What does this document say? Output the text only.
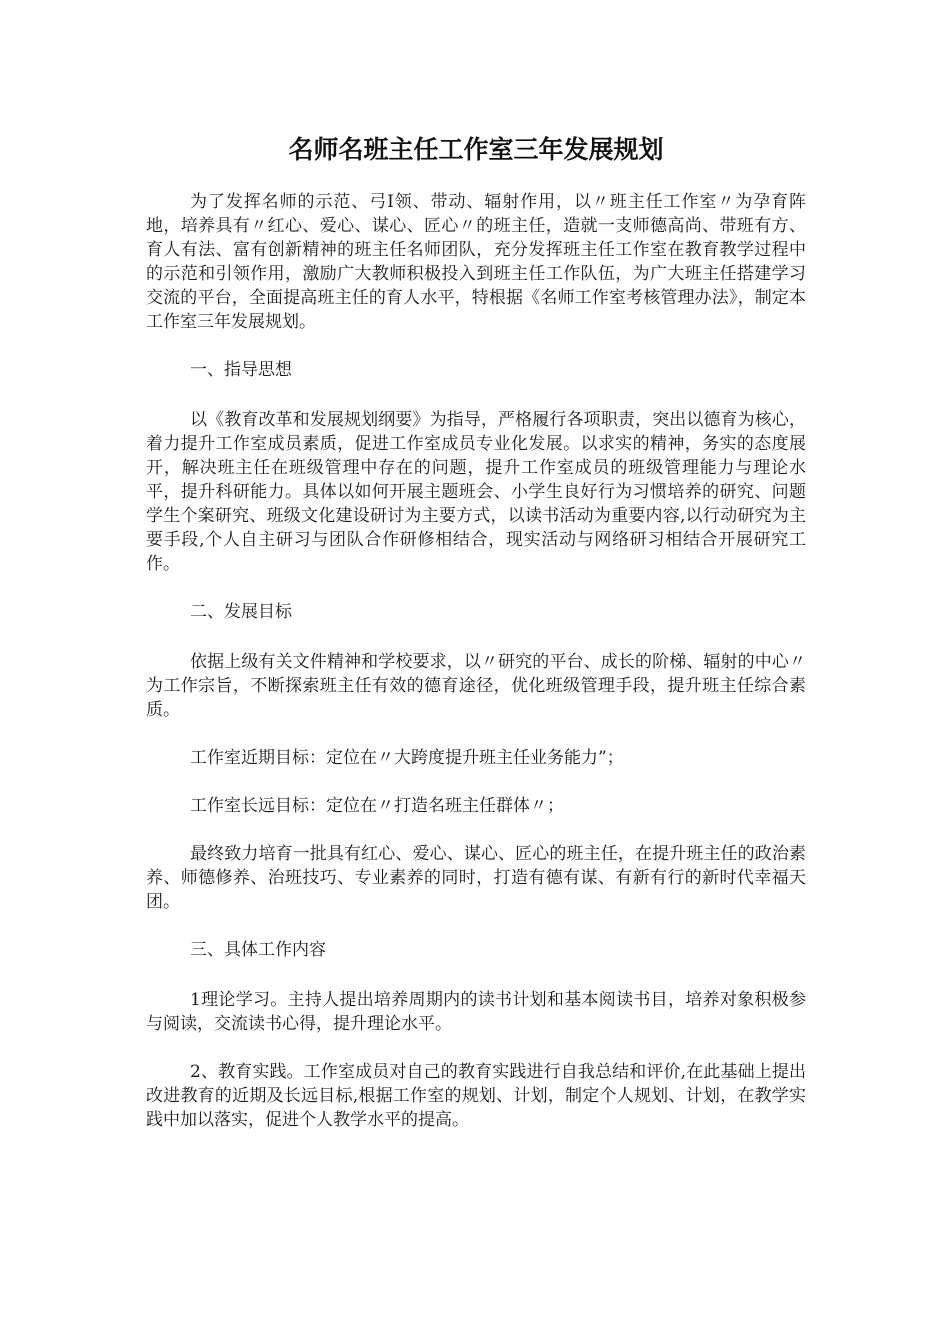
名师名班主任工作室三年发展规划

为了发挥名师的示范、弓I领、带动、辐射作用，以〃班主任工作室〃为孕育阵地，培养具有〃红心、爱心、谋心、匠心〃的班主任，造就一支师德高尚、带班有方、育人有法、富有创新精神的班主任名师团队，充分发挥班主任工作室在教育教学过程中的示范和引领作用，激励广大教师积极投入到班主任工作队伍，为广大班主任搭建学习交流的平台，全面提高班主任的育人水平，特根据《名师工作室考核管理办法》，制定本工作室三年发展规划。

一、指导思想

以《教育改革和发展规划纲要》为指导，严格履行各项职责，突出以德育为核心，着力提升工作室成员素质，促进工作室成员专业化发展。以求实的精神，务实的态度展开，解决班主任在班级管理中存在的问题，提升工作室成员的班级管理能力与理论水平，提升科研能力。具体以如何开展主题班会、小学生良好行为习惯培养的研究、问题学生个案研究、班级文化建设研讨为主要方式，以读书活动为重要内容,以行动研究为主要手段,个人自主研习与团队合作研修相结合，现实活动与网络研习相结合开展研究工作。

二、发展目标

依据上级有关文件精神和学校要求，以〃研究的平台、成长的阶梯、辐射的中心〃为工作宗旨，不断探索班主任有效的德育途径，优化班级管理手段，提升班主任综合素质。

工作室近期目标：定位在〃大跨度提升班主任业务能力”；

工作室长远目标：定位在〃打造名班主任群体〃；

最终致力培育一批具有红心、爱心、谋心、匠心的班主任，在提升班主任的政治素养、师德修养、治班技巧、专业素养的同时，打造有德有谋、有新有行的新时代幸福天团。

三、具体工作内容

1理论学习。主持人提出培养周期内的读书计划和基本阅读书目，培养对象积极参与阅读，交流读书心得，提升理论水平。

2、教育实践。工作室成员对自己的教育实践进行自我总结和评价,在此基础上提出改进教育的近期及长远目标,根据工作室的规划、计划，制定个人规划、计划，在教学实践中加以落实，促进个人教学水平的提高。
